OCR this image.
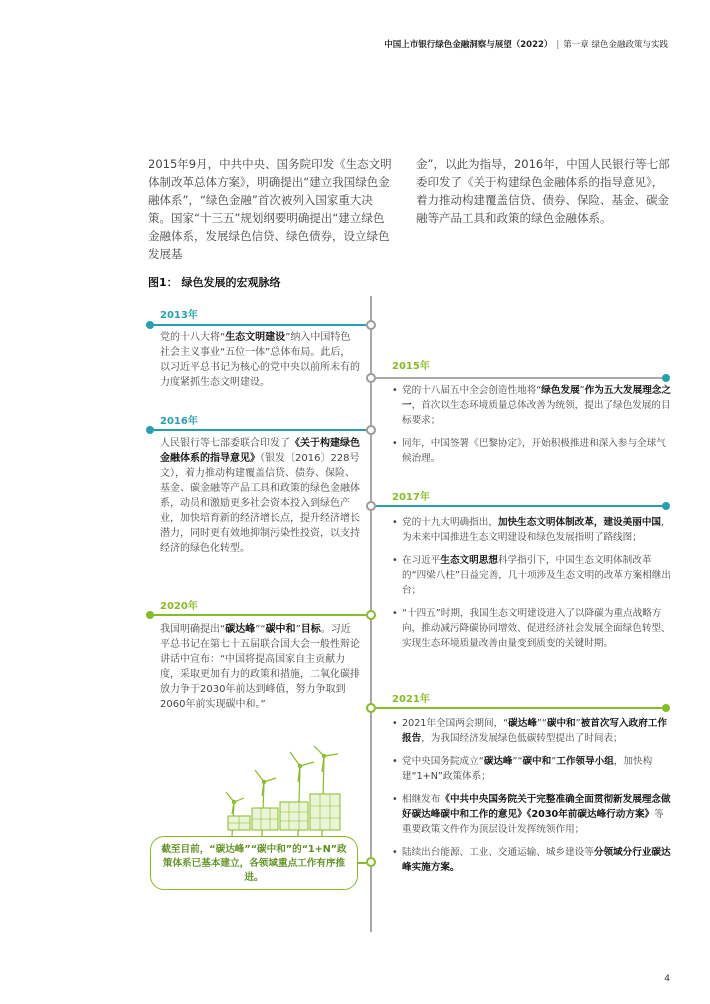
中国上市银行绿色金融洞察与展望（2022） | 第一章 绿色金融政策与实践

2015年9月，中共中央、国务院印发《生态文明体制改革总体方案》，明确提出“建立我国绿色金融体系”，“绿色金融”首次被列入国家重大决策。国家“十三五”规划纲要明确提出“建立绿色金融体系，发展绿色信贷、绿色债券，设立绿色发展基

金”，以此为指导，2016年，中国人民银行等七部委印发了《关于构建绿色金融体系的指导意见》，着力推动构建覆盖信贷、债券、保险、基金、碳金融等产品工具和政策的绿色金融体系。

图1： 绿色发展的宏观脉络
2013年
党的十八大将“生态文明建设”纳入中国特色社会主义事业“五位一体”总体布局。此后，以习近平总书记为核心的党中央以前所未有的力度紧抓生态文明建设。
2015年
• 党的十八届五中全会创造性地将“绿色发展”作为五大发展理念之一，首次以生态环境质量总体改善为统领，提出了绿色发展的目标要求；
• 同年，中国签署《巴黎协定》，开始积极推进和深入参与全球气候治理。
2016年
人民银行等七部委联合印发了《关于构建绿色金融体系的指导意见》（银发〔2016〕228号文），着力推动构建覆盖信贷、债券、保险、基金、碳金融等产品工具和政策的绿色金融体系，动员和激励更多社会资本投入到绿色产业，加快培育新的经济增长点，提升经济增长潜力，同时更有效地抑制污染性投资，以支持经济的绿色化转型。
2017年
• 党的十九大明确指出，加快生态文明体制改革，建设美丽中国，为未来中国推进生态文明建设和绿色发展指明了路线图；
• 在习近平生态文明思想科学指引下，中国生态文明体制改革的“四梁八柱”日益完善，几十项涉及生态文明的改革方案相继出台；
• “十四五”时期，我国生态文明建设进入了以降碳为重点战略方向，推动减污降碳协同增效、促进经济社会发展全面绿色转型、实现生态环境质量改善由量变到质变的关键时期。
2020年
我国明确提出“碳达峰”“碳中和”目标。习近平总书记在第七十五届联合国大会一般性辩论讲话中宣布：“中国将提高国家自主贡献力度，采取更加有力的政策和措施，二氧化碳排放力争于2030年前达到峰值，努力争取到2060年前实现碳中和。”	2021年
• 2021年全国两会期间，“碳达峰”“碳中和”被首次写入政府工作报告，为我国经济发展绿色低碳转型提出了时间表；
• 党中央国务院成立“碳达峰”“碳中和”工作领导小组，加快构建“1+N”政策体系；
• 相继发布《中共中央国务院关于完整准确全面贯彻新发展理念做好碳达峰碳中和工作的意见》《2030年前碳达峰行动方案》等重要政策文件作为顶层设计发挥统领作用；
• 陆续出台能源、工业、交通运输、城乡建设等分领域分行业碳达峰实施方案。
截至目前，“碳达峰”“碳中和”的“1+N”政策体系已基本建立，各领域重点工作有序推进。
4
